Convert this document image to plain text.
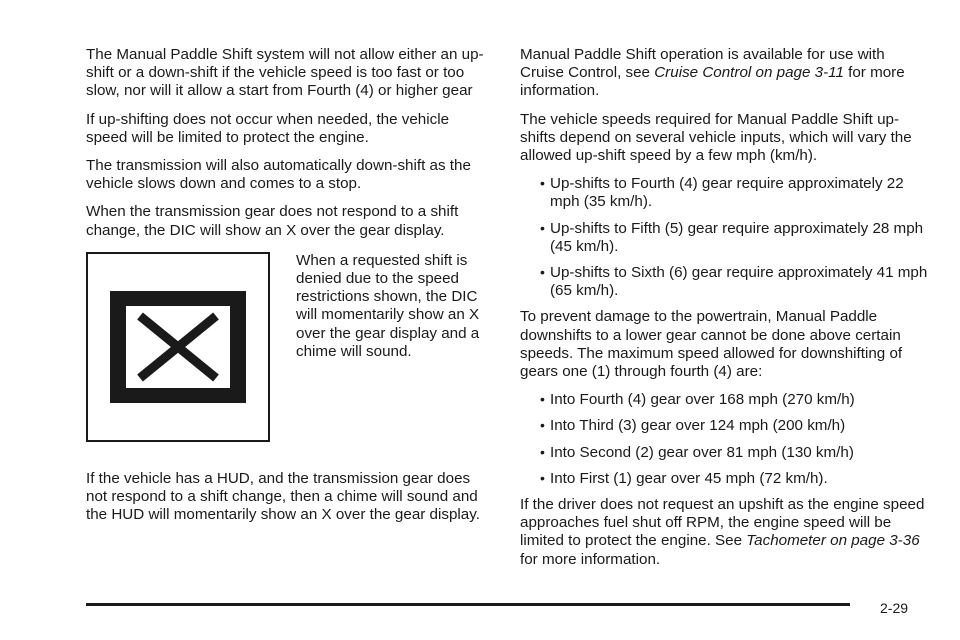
The Manual Paddle Shift system will not allow either an up-shift or a down-shift if the vehicle speed is too fast or too slow, nor will it allow a start from Fourth (4) or higher gear

If up-shifting does not occur when needed, the vehicle speed will be limited to protect the engine.

The transmission will also automatically down-shift as the vehicle slows down and comes to a stop.

When the transmission gear does not respond to a shift change, the DIC will show an X over the gear display.

When a requested shift is denied due to the speed restrictions shown, the DIC will momentarily show an X over the gear display and a chime will sound.

If the vehicle has a HUD, and the transmission gear does not respond to a shift change, then a chime will sound and the HUD will momentarily show an X over the gear display.

Manual Paddle Shift operation is available for use with Cruise Control, see Cruise Control on page 3-11 for more information.

The vehicle speeds required for Manual Paddle Shift up-shifts depend on several vehicle inputs, which will vary the allowed up-shift speed by a few mph (km/h).

• Up-shifts to Fourth (4) gear require approximately 22 mph (35 km/h).
• Up-shifts to Fifth (5) gear require approximately 28 mph (45 km/h).
• Up-shifts to Sixth (6) gear require approximately 41 mph (65 km/h).

To prevent damage to the powertrain, Manual Paddle downshifts to a lower gear cannot be done above certain speeds. The maximum speed allowed for downshifting of gears one (1) through fourth (4) are:

• Into Fourth (4) gear over 168 mph (270 km/h)
• Into Third (3) gear over 124 mph (200 km/h)
• Into Second (2) gear over 81 mph (130 km/h)
• Into First (1) gear over 45 mph (72 km/h).

If the driver does not request an upshift as the engine speed approaches fuel shut off RPM, the engine speed will be limited to protect the engine. See Tachometer on page 3-36 for more information.

2-29
